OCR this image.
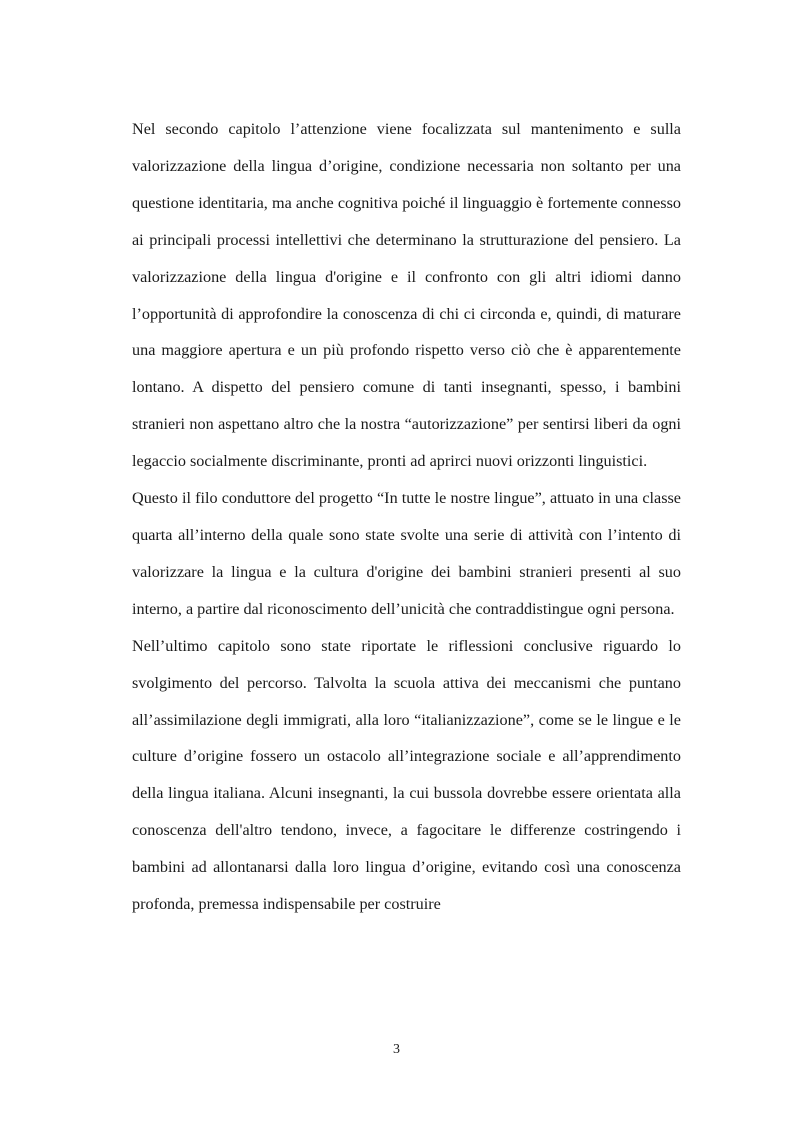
Nel secondo capitolo l’attenzione viene focalizzata sul mantenimento e sulla valorizzazione della lingua d’origine, condizione necessaria non soltanto per una questione identitaria, ma anche cognitiva poiché il linguaggio è fortemente connesso ai principali processi intellettivi che determinano la strutturazione del pensiero. La valorizzazione della lingua d'origine e il confronto con gli altri idiomi danno l’opportunità di approfondire la conoscenza di chi ci circonda e, quindi, di maturare una maggiore apertura e un più profondo rispetto verso ciò che è apparentemente lontano. A dispetto del pensiero comune di tanti insegnanti, spesso, i bambini stranieri non aspettano altro che la nostra “autorizzazione” per sentirsi liberi da ogni legaccio socialmente discriminante, pronti ad aprirci nuovi orizzonti linguistici.

Questo il filo conduttore del progetto “In tutte le nostre lingue”, attuato in una classe quarta all’interno della quale sono state svolte una serie di attività con l’intento di valorizzare la lingua e la cultura d'origine dei bambini stranieri presenti al suo interno, a partire dal riconoscimento dell’unicità che contraddistingue ogni persona.

Nell’ultimo capitolo sono state riportate le riflessioni conclusive riguardo lo svolgimento del percorso. Talvolta la scuola attiva dei meccanismi che puntano all’assimilazione degli immigrati, alla loro “italianizzazione”, come se le lingue e le culture d’origine fossero un ostacolo all’integrazione sociale e all’apprendimento della lingua italiana. Alcuni insegnanti, la cui bussola dovrebbe essere orientata alla conoscenza dell'altro tendono, invece, a fagocitare le differenze costringendo i bambini ad allontanarsi dalla loro lingua d’origine, evitando così una conoscenza profonda, premessa indispensabile per costruire

3
